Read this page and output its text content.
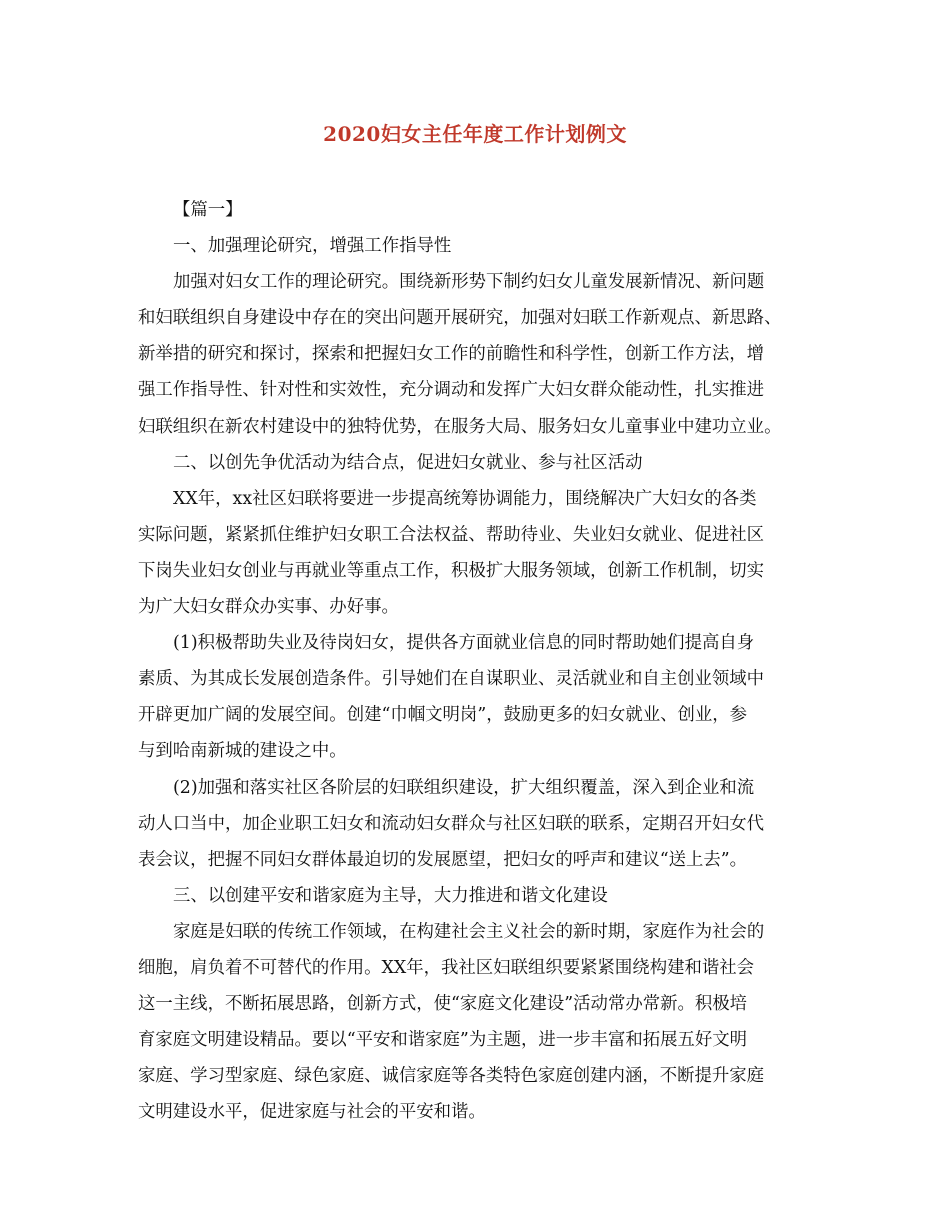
2020妇女主任年度工作计划例文
【篇一】
一、加强理论研究，增强工作指导性
加强对妇女工作的理论研究。围绕新形势下制约妇女儿童发展新情况、新问题
和妇联组织自身建设中存在的突出问题开展研究，加强对妇联工作新观点、新思路、
新举措的研究和探讨，探索和把握妇女工作的前瞻性和科学性，创新工作方法，增
强工作指导性、针对性和实效性，充分调动和发挥广大妇女群众能动性，扎实推进
妇联组织在新农村建设中的独特优势，在服务大局、服务妇女儿童事业中建功立业。
二、以创先争优活动为结合点，促进妇女就业、参与社区活动
XX年，xx社区妇联将要进一步提高统筹协调能力，围绕解决广大妇女的各类
实际问题，紧紧抓住维护妇女职工合法权益、帮助待业、失业妇女就业、促进社区
下岗失业妇女创业与再就业等重点工作，积极扩大服务领域，创新工作机制，切实
为广大妇女群众办实事、办好事。
(1)积极帮助失业及待岗妇女，提供各方面就业信息的同时帮助她们提高自身
素质、为其成长发展创造条件。引导她们在自谋职业、灵活就业和自主创业领域中
开辟更加广阔的发展空间。创建“巾帼文明岗”，鼓励更多的妇女就业、创业，参
与到哈南新城的建设之中。
(2)加强和落实社区各阶层的妇联组织建设，扩大组织覆盖，深入到企业和流
动人口当中，加企业职工妇女和流动妇女群众与社区妇联的联系，定期召开妇女代
表会议，把握不同妇女群体最迫切的发展愿望，把妇女的呼声和建议“送上去”。
三、以创建平安和谐家庭为主导，大力推进和谐文化建设
家庭是妇联的传统工作领域，在构建社会主义社会的新时期，家庭作为社会的
细胞，肩负着不可替代的作用。XX年，我社区妇联组织要紧紧围绕构建和谐社会
这一主线，不断拓展思路，创新方式，使“家庭文化建设”活动常办常新。积极培
育家庭文明建设精品。要以“平安和谐家庭”为主题，进一步丰富和拓展五好文明
家庭、学习型家庭、绿色家庭、诚信家庭等各类特色家庭创建内涵，不断提升家庭
文明建设水平，促进家庭与社会的平安和谐。
